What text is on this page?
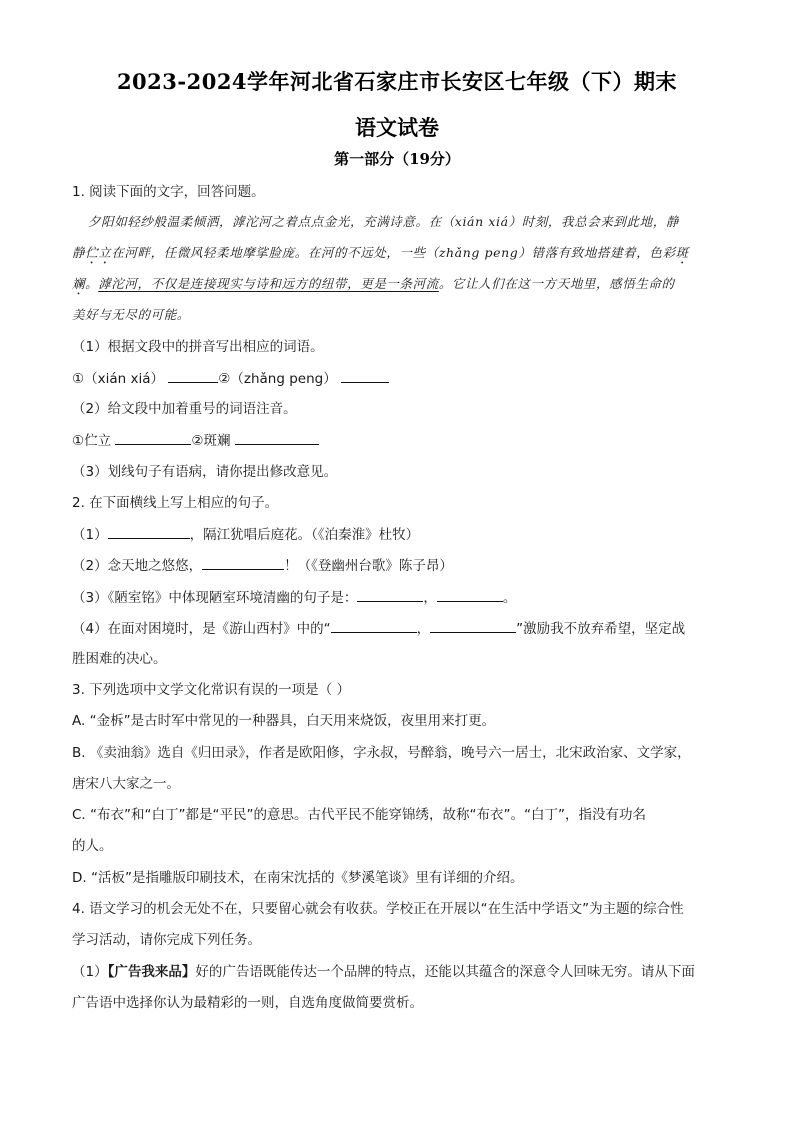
2023-2024学年河北省石家庄市长安区七年级（下）期末
语文试卷
第一部分（19分）
1. 阅读下面的文字，回答问题。
夕阳如轻纱般温柔倾洒，滹沱河之着点点金光，充满诗意。在（xián xiá）时刻，我总会来到此地，静
静伫立在河畔，任微风轻柔地摩挲脸庞。在河的不远处，一些（zhǎng peng）错落有致地搭建着，色彩斑
斓。滹沱河，不仅是连接现实与诗和远方的纽带，更是一条河流。它让人们在这一方天地里，感悟生命的
美好与无尽的可能。
（1）根据文段中的拼音写出相应的词语。
①（xián xiá）	②（zhǎng peng）
（2）给文段中加着重号的词语注音。
①伫立	②斑斓
（3）划线句子有语病，请你提出修改意见。
2. 在下面横线上写上相应的句子。
（1）	，隔江犹唱后庭花。（《泊秦淮》杜牧）
（2）念天地之悠悠，	！（《登幽州台歌》陈子昂）
（3）《陋室铭》中体现陋室环境清幽的句子是：	，	。
（4）在面对困境时，是《游山西村》中的“	，	”激励我不放弃希望，坚定战
胜困难的决心。
3. 下列选项中文学文化常识有误的一项是（ ）
A. “金柝”是古时军中常见的一种器具，白天用来烧饭，夜里用来打更。
B. 《卖油翁》选自《归田录》，作者是欧阳修，字永叔，号醉翁，晚号六一居士，北宋政治家、文学家，
唐宋八大家之一。
C. “布衣”和“白丁”都是“平民”的意思。古代平民不能穿锦绣，故称“布衣”。“白丁”，指没有功名
的人。
D. “活板”是指雕版印刷技术，在南宋沈括的《梦溪笔谈》里有详细的介绍。
4. 语文学习的机会无处不在，只要留心就会有收获。学校正在开展以“在生活中学语文”为主题的综合性
学习活动，请你完成下列任务。
（1）【广告我来品】好的广告语既能传达一个品牌的特点，还能以其蕴含的深意令人回味无穷。请从下面
广告语中选择你认为最精彩的一则，自选角度做简要赏析。
